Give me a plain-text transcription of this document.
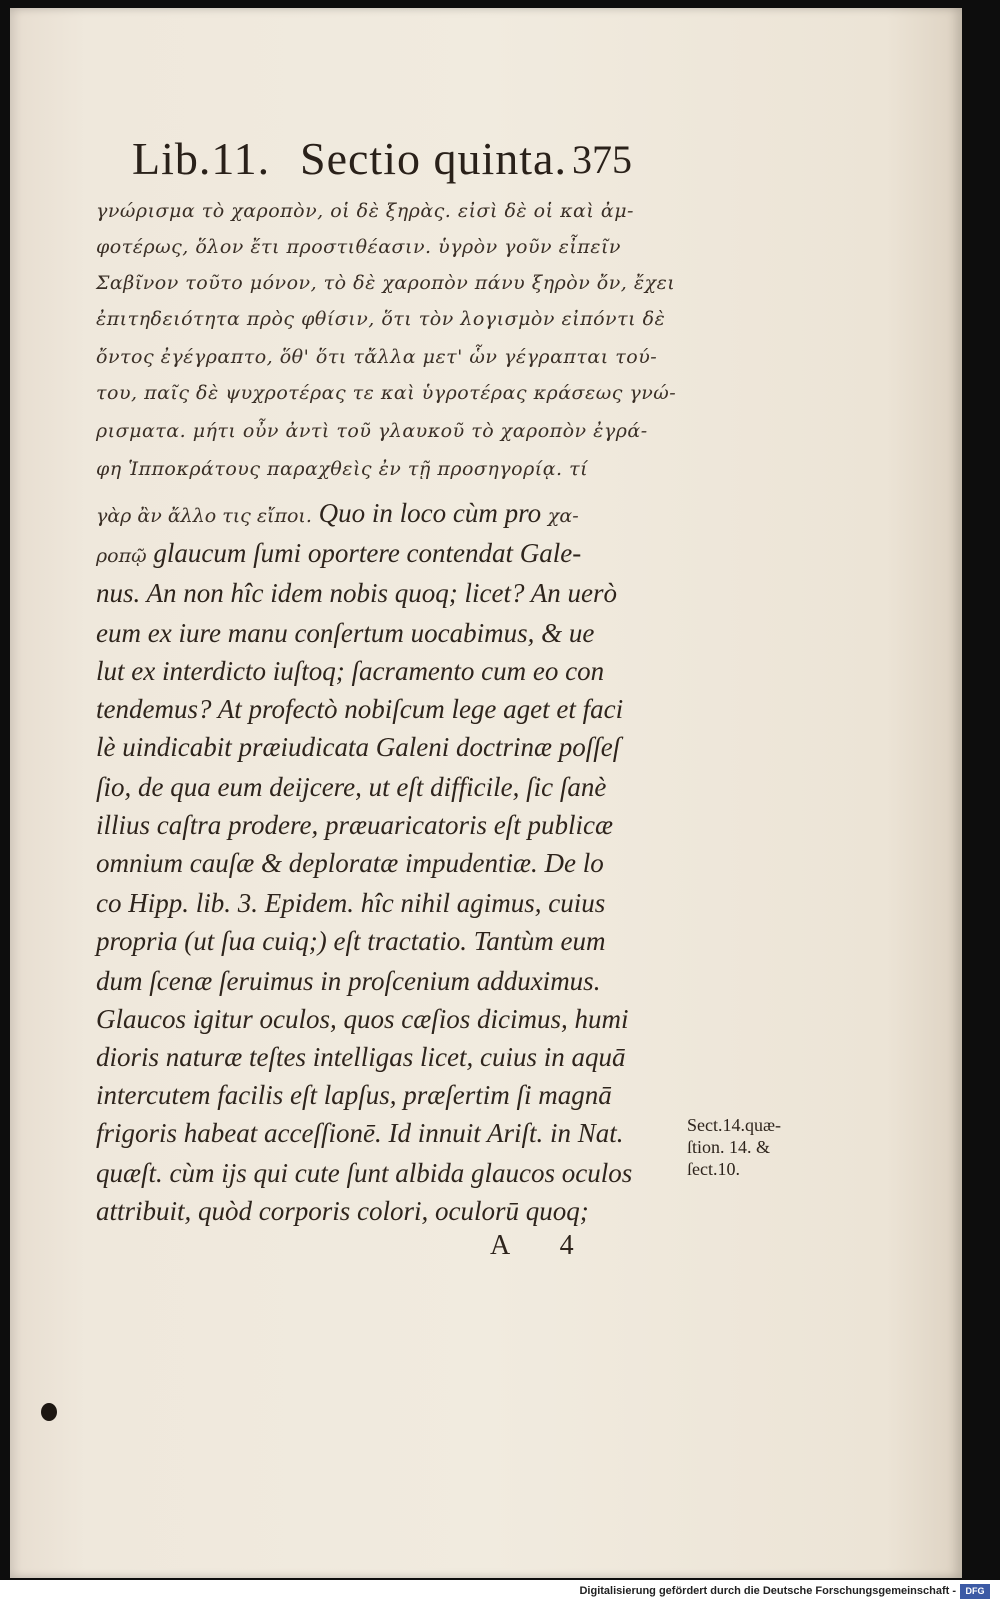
Lib.11. Sectio quinta. 375
γνώρισμα τὸ χαροπὸν, οἱ δὲ ξηρὰς. εἰσὶ δὲ οἱ καὶ ἀμ-
φοτέρως, ὅλον ἔτι προστιθέασιν. ὑγρὸν γοῦν εἶπεῖν
Σαβῖνον τοῦτο μόνον, τὸ δὲ χαροπὸν πάνυ ξηρὸν ὄν, ἔχει
ἐπιτηδειότητα πρὸς φθίσιν, ὅτι τὸν λογισμὸν εἰπόντι δὲ
ὄντος ἐγέγραπτο, ὅθ' ὅτι τἄλλα μετ' ὧν γέγραπται τού-
του, παῖς δὲ ψυχροτέρας τε καὶ ὑγροτέρας κράσεως γνώ-
ρισματα. μήτι οὖν ἀντὶ τοῦ γλαυκοῦ τὸ χαροπὸν ἐγρά-
φη Ἱπποκράτους παραχθεὶς ἐν τῇ προσηγορίᾳ. τί
γὰρ ἂν ἄλλο τις εἴποι. Quo in loco cùm pro χα-
ροπῷ glaucum ſumi oportere contendat Gale-
nus. An non hîc idem nobis quoq; licet? An uerò
eum ex iure manu conſertum uocabimus, & ue
lut ex interdicto iuſtoq; ſacramento cum eo con
tendemus? At profectò nobiſcum lege aget et faci
lè uindicabit præiudicata Galeni doctrinæ poſſeſ
ſio, de qua eum deijcere, ut eſt difficile, ſic ſanè
illius caſtra prodere, præuaricatoris eſt publicæ
omnium cauſæ & deploratæ impudentiæ. De lo
co Hipp. lib. 3. Epidem. hîc nihil agimus, cuius
propria (ut ſua cuiq;) eſt tractatio. Tantùm eum
dum ſcenæ ſeruimus in proſcenium adduximus.
Glaucos igitur oculos, quos cæſios dicimus, humi
dioris naturæ teſtes intelligas licet, cuius in aquā
intercutem facilis eſt lapſus, præſertim ſi magnā
frigoris habeat acceſſionē. Id innuit Ariſt. in Nat.
quæſt. cùm ijs qui cute ſunt albida glaucos oculos
attribuit, quòd corporis colori, oculorū quoq;
Sect.14.quæ-
ſtion. 14. &
ſect.10.
A 4
Digitalisierung gefördert durch die Deutsche Forschungsgemeinschaft -	DFG
